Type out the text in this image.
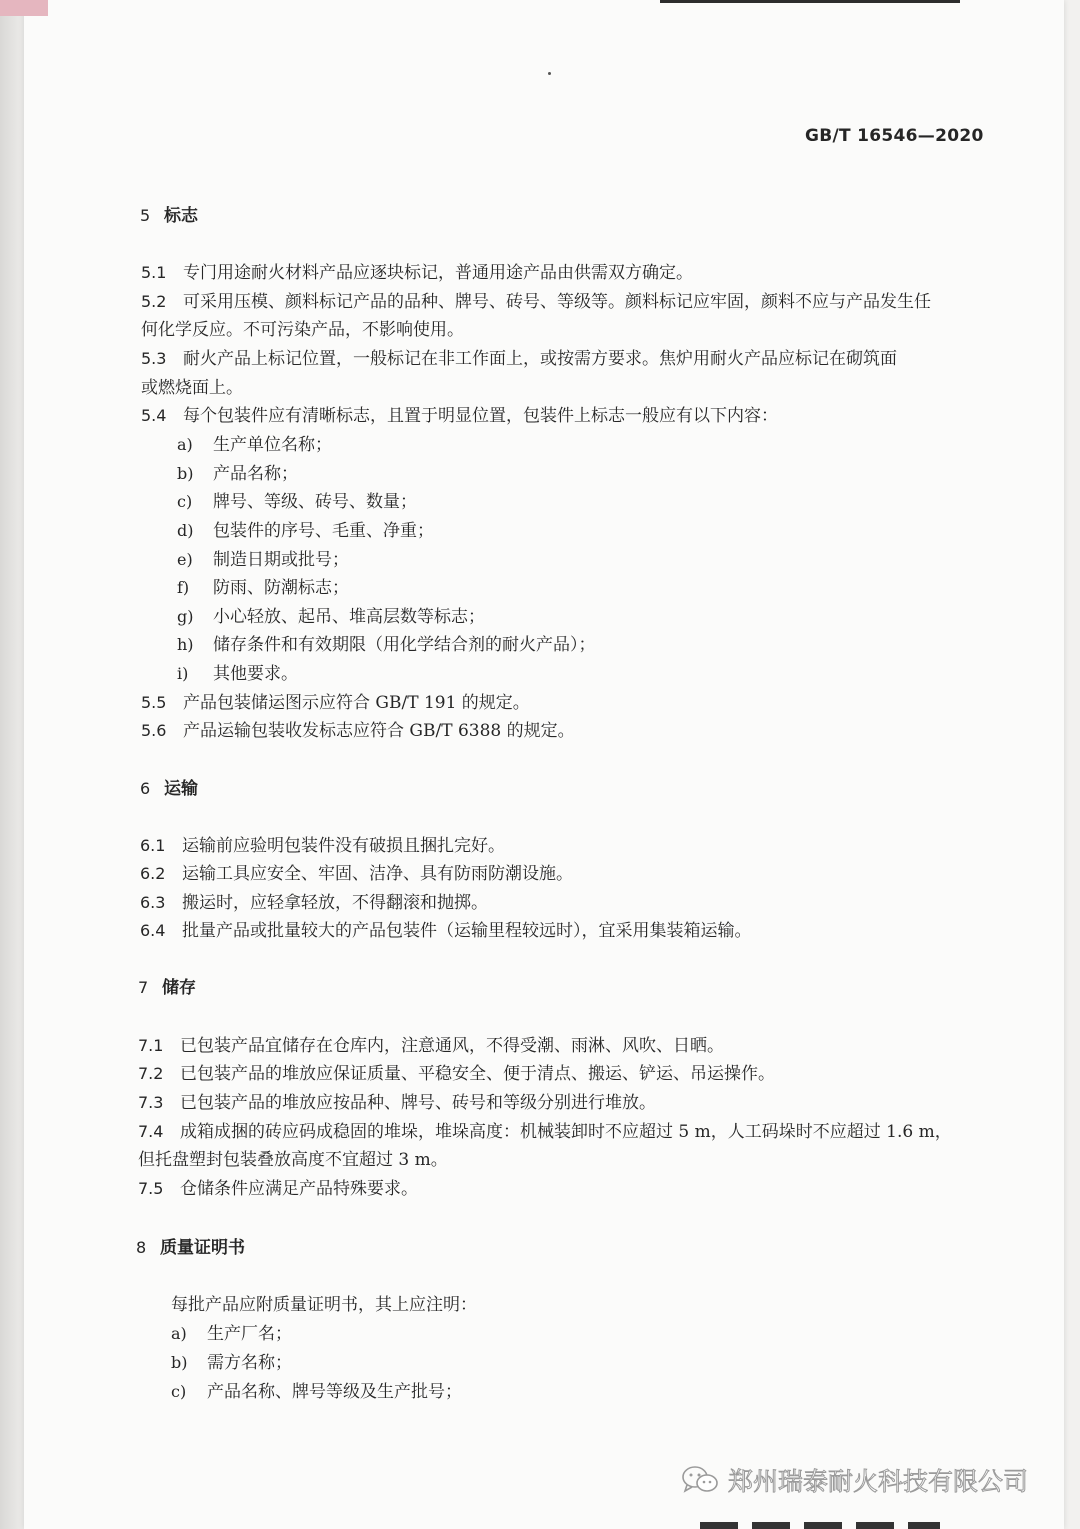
GB/T 16546—2020
5 标志
5.1 专门用途耐火材料产品应逐块标记，普通用途产品由供需双方确定。
5.2 可采用压模、颜料标记产品的品种、牌号、砖号、等级等。颜料标记应牢固，颜料不应与产品发生任
何化学反应。不可污染产品，不影响使用。
5.3 耐火产品上标记位置，一般标记在非工作面上，或按需方要求。焦炉用耐火产品应标记在砌筑面
或燃烧面上。
5.4 每个包装件应有清晰标志，且置于明显位置，包装件上标志一般应有以下内容：
a) 生产单位名称；
b) 产品名称；
c) 牌号、等级、砖号、数量；
d) 包装件的序号、毛重、净重；
e) 制造日期或批号；
f) 防雨、防潮标志；
g) 小心轻放、起吊、堆高层数等标志；
h) 储存条件和有效期限（用化学结合剂的耐火产品）；
i) 其他要求。
5.5 产品包装储运图示应符合 GB/T 191 的规定。
5.6 产品运输包装收发标志应符合 GB/T 6388 的规定。
6 运输
6.1 运输前应验明包装件没有破损且捆扎完好。
6.2 运输工具应安全、牢固、洁净、具有防雨防潮设施。
6.3 搬运时，应轻拿轻放，不得翻滚和抛掷。
6.4 批量产品或批量较大的产品包装件（运输里程较远时），宜采用集装箱运输。
7 储存
7.1 已包装产品宜储存在仓库内，注意通风，不得受潮、雨淋、风吹、日晒。
7.2 已包装产品的堆放应保证质量、平稳安全、便于清点、搬运、铲运、吊运操作。
7.3 已包装产品的堆放应按品种、牌号、砖号和等级分别进行堆放。
7.4 成箱成捆的砖应码成稳固的堆垛，堆垛高度：机械装卸时不应超过 5 m，人工码垛时不应超过 1.6 m，
但托盘塑封包装叠放高度不宜超过 3 m。
7.5 仓储条件应满足产品特殊要求。
8 质量证明书
每批产品应附质量证明书，其上应注明：
a) 生产厂名；
b) 需方名称；
c) 产品名称、牌号等级及生产批号；
郑州瑞泰耐火科技有限公司
